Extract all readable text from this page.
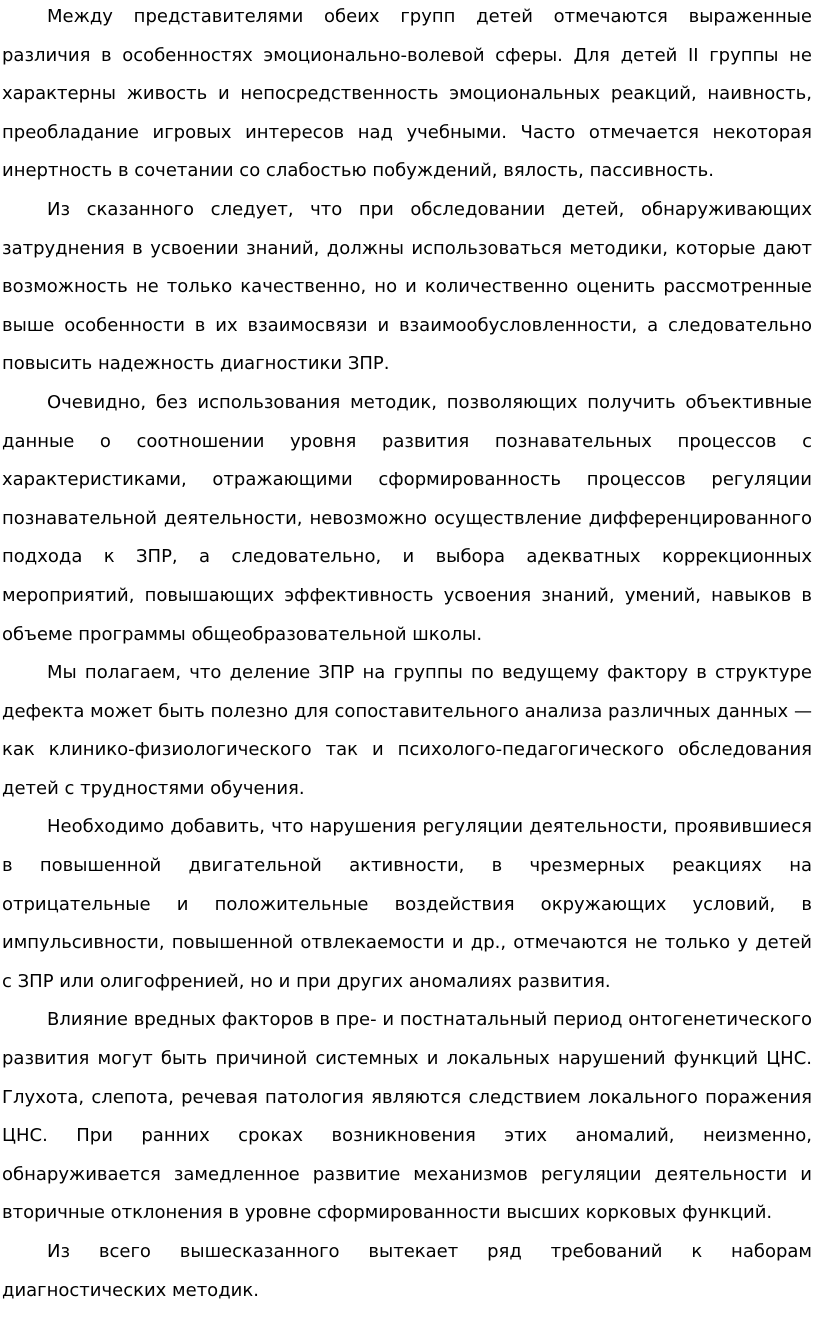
Между представителями обеих групп детей отмечаются выраженные различия в особенностях эмоционально-волевой сферы. Для детей II группы не характерны живость и непосредственность эмоциональных реакций, наивность, преобладание игровых интересов над учебными. Часто отмечается некоторая инертность в сочетании со слабостью побуждений, вялость, пассивность.

Из сказанного следует, что при обследовании детей, обнаруживающих затруднения в усвоении знаний, должны использоваться методики, которые дают возможность не только качественно, но и количественно оценить рассмотренные выше особенности в их взаимосвязи и взаимообусловленности, а следовательно повысить надежность диагностики ЗПР.

Очевидно, без использования методик, позволяющих получить объективные данные о соотношении уровня развития познавательных процессов с характеристиками, отражающими сформированность процессов регуляции познавательной деятельности, невозможно осуществление дифференцированного подхода к ЗПР, а следовательно, и выбора адекватных коррекционных мероприятий, повышающих эффективность усвоения знаний, умений, навыков в объеме программы общеобразовательной школы.

Мы полагаем, что деление ЗПР на группы по ведущему фактору в структуре дефекта может быть полезно для сопоставительного анализа различных данных — как клинико-физиологического так и психолого-педагогического обследования детей с трудностями обучения.

Необходимо добавить, что нарушения регуляции деятельности, проявившиеся в повышенной двигательной активности, в чрезмерных реакциях на отрицательные и положительные воздействия окружающих условий, в импульсивности, повышенной отвлекаемости и др., отмечаются не только у детей с ЗПР или олигофренией, но и при других аномалиях развития.

Влияние вредных факторов в пре- и постнатальный период онтогенетического развития могут быть причиной системных и локальных нарушений функций ЦНС. Глухота, слепота, речевая патология являются следствием локального поражения ЦНС. При ранних сроках возникновения этих аномалий, неизменно, обнаруживается замедленное развитие механизмов регуляции деятельности и вторичные отклонения в уровне сформированности высших корковых функций.

Из всего вышесказанного вытекает ряд требований к наборам диагностических методик.
